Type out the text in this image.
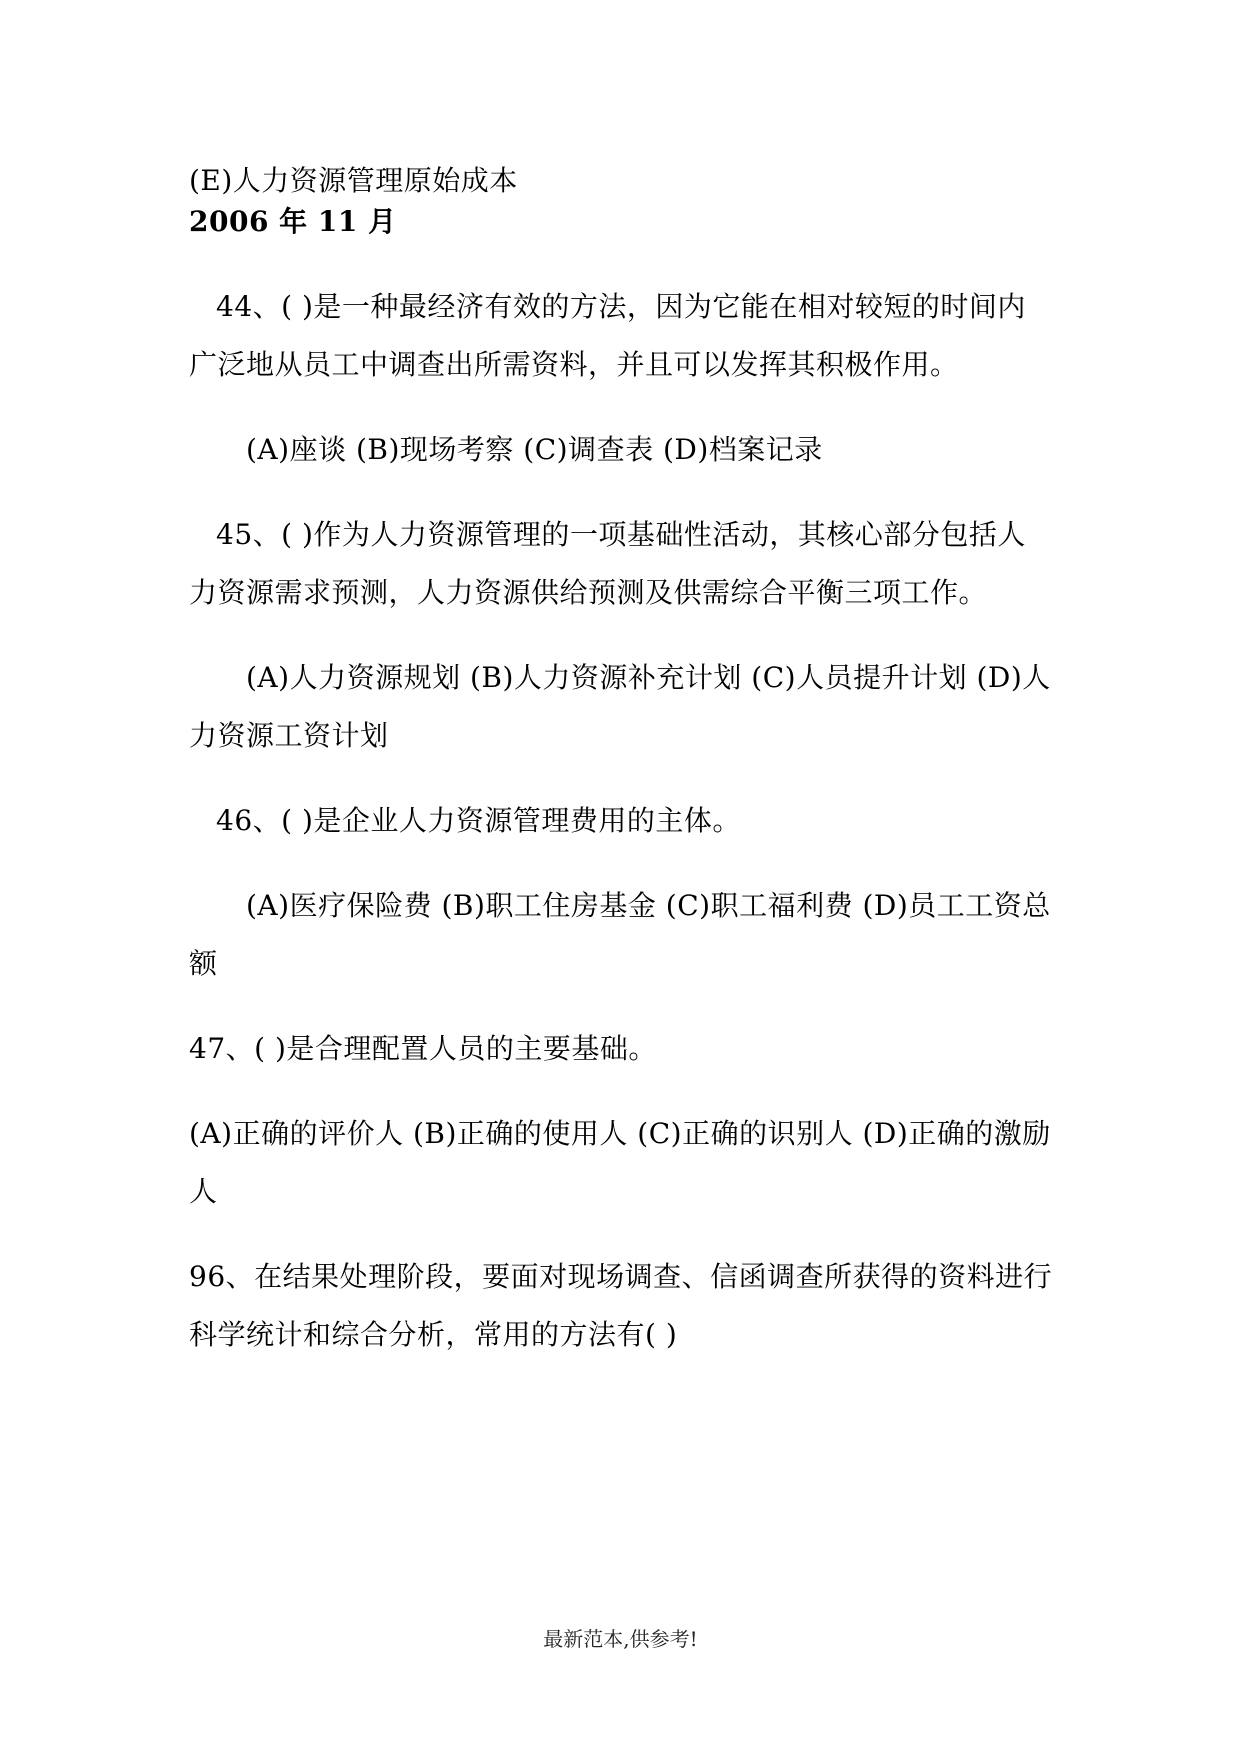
(E)人力资源管理原始成本
2006 年 11 月
44、( )是一种最经济有效的方法，因为它能在相对较短的时间内
广泛地从员工中调查出所需资料，并且可以发挥其积极作用。
(A)座谈 (B)现场考察 (C)调查表 (D)档案记录
45、( )作为人力资源管理的一项基础性活动，其核心部分包括人
力资源需求预测，人力资源供给预测及供需综合平衡三项工作。
(A)人力资源规划 (B)人力资源补充计划 (C)人员提升计划 (D)人
力资源工资计划
46、( )是企业人力资源管理费用的主体。
(A)医疗保险费 (B)职工住房基金 (C)职工福利费 (D)员工工资总
额
47、( )是合理配置人员的主要基础。
(A)正确的评价人 (B)正确的使用人 (C)正确的识别人 (D)正确的激励
人
96、在结果处理阶段，要面对现场调查、信函调查所获得的资料进行
科学统计和综合分析，常用的方法有( )
最新范本,供参考!
